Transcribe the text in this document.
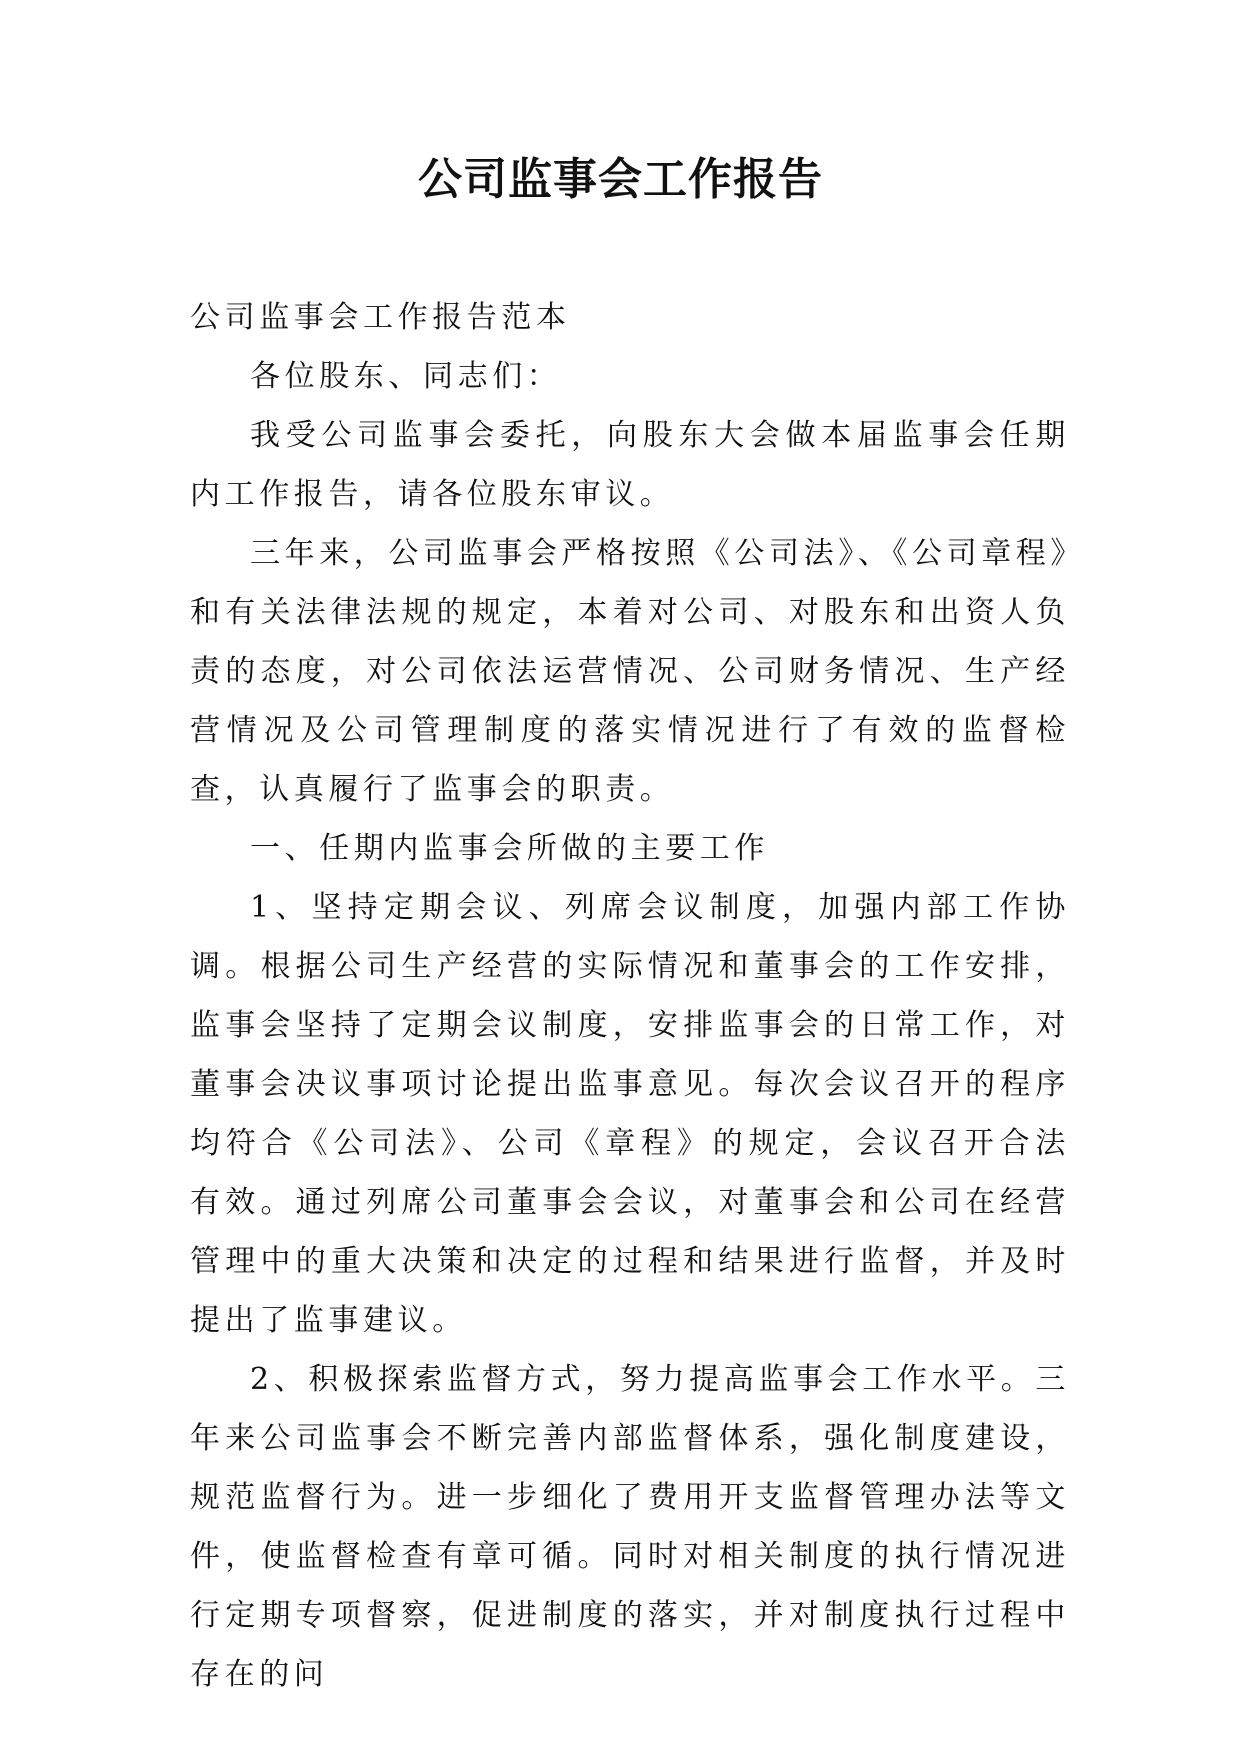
公司监事会工作报告

公司监事会工作报告范本

各位股东、同志们：

我受公司监事会委托，向股东大会做本届监事会任期内工作报告，请各位股东审议。

三年来，公司监事会严格按照《公司法》、《公司章程》和有关法律法规的规定，本着对公司、对股东和出资人负责的态度，对公司依法运营情况、公司财务情况、生产经营情况及公司管理制度的落实情况进行了有效的监督检查，认真履行了监事会的职责。

一、任期内监事会所做的主要工作

1、坚持定期会议、列席会议制度，加强内部工作协调。根据公司生产经营的实际情况和董事会的工作安排，监事会坚持了定期会议制度，安排监事会的日常工作，对董事会决议事项讨论提出监事意见。每次会议召开的程序均符合《公司法》、公司《章程》的规定，会议召开合法有效。通过列席公司董事会会议，对董事会和公司在经营管理中的重大决策和决定的过程和结果进行监督，并及时提出了监事建议。

2、积极探索监督方式，努力提高监事会工作水平。三年来公司监事会不断完善内部监督体系，强化制度建设，规范监督行为。进一步细化了费用开支监督管理办法等文件，使监督检查有章可循。同时对相关制度的执行情况进行定期专项督察，促进制度的落实，并对制度执行过程中存在的问
